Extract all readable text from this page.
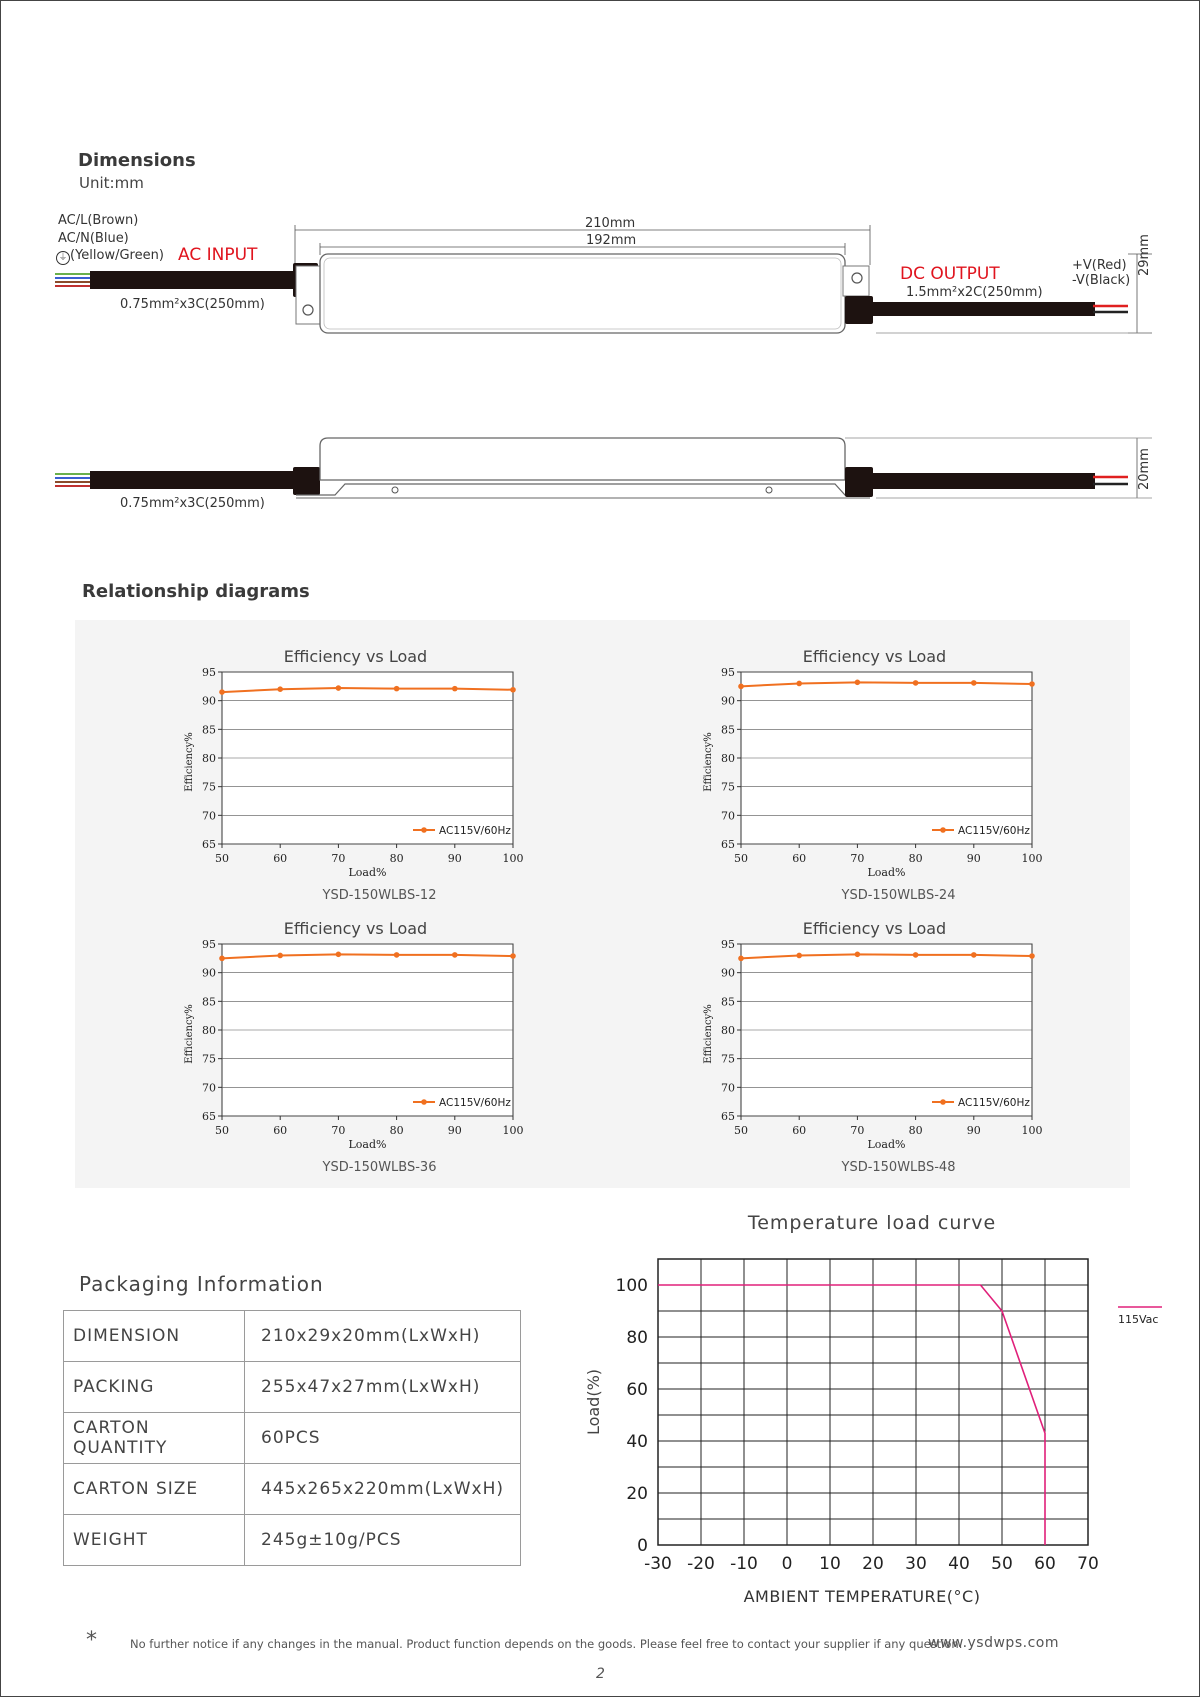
Dimensions
Unit:mm
AC/L(Brown)
AC/N(Blue)
⏚ (Yellow/Green) AC INPUT
210mm
192mm
DC OUTPUT	+V(Red)
-V(Black)
1.5mm²x2C(250mm)
0.75mm²x3C(250mm)
0.75mm²x3C(250mm)
29mm
20mm
Relationship diagrams
Efficiency vs Load
65
70
75
80
85
90
95
50	60	70	80	90	100
Load%
Efficiency%
YSD-150WLBS-12
AC115V/60Hz
Efficiency vs Load
65
70
75
80
85
90
95
50	60	70	80	90	100
Load%
Efficiency%
YSD-150WLBS-24
AC115V/60Hz
Efficiency vs Load
65
70
75
80
85
90
95
50	60	70	80	90	100
Load%
Efficiency%
YSD-150WLBS-36
AC115V/60Hz
Efficiency vs Load
65
70
75
80
85
90
95
50	60	70	80	90	100
Load%
Efficiency%
YSD-150WLBS-48
AC115V/60Hz
Packaging Information
DIMENSION	210x29x20mm(LxWxH)
PACKING	255x47x27mm(LxWxH)
CARTON QUANTITY	60PCS
CARTON SIZE	445x265x220mm(LxWxH)
WEIGHT	245g±10g/PCS
Temperature load curve
0
20
40
60
80
100
-30 -20 -10 0 10 20 30 40 50 60 70
AMBIENT TEMPERATURE(°C)
Load(%)
115Vac
*	No further notice if any changes in the manual. Product function depends on the goods. Please feel free to contact your supplier if any question.
www.ysdwps.com
2
